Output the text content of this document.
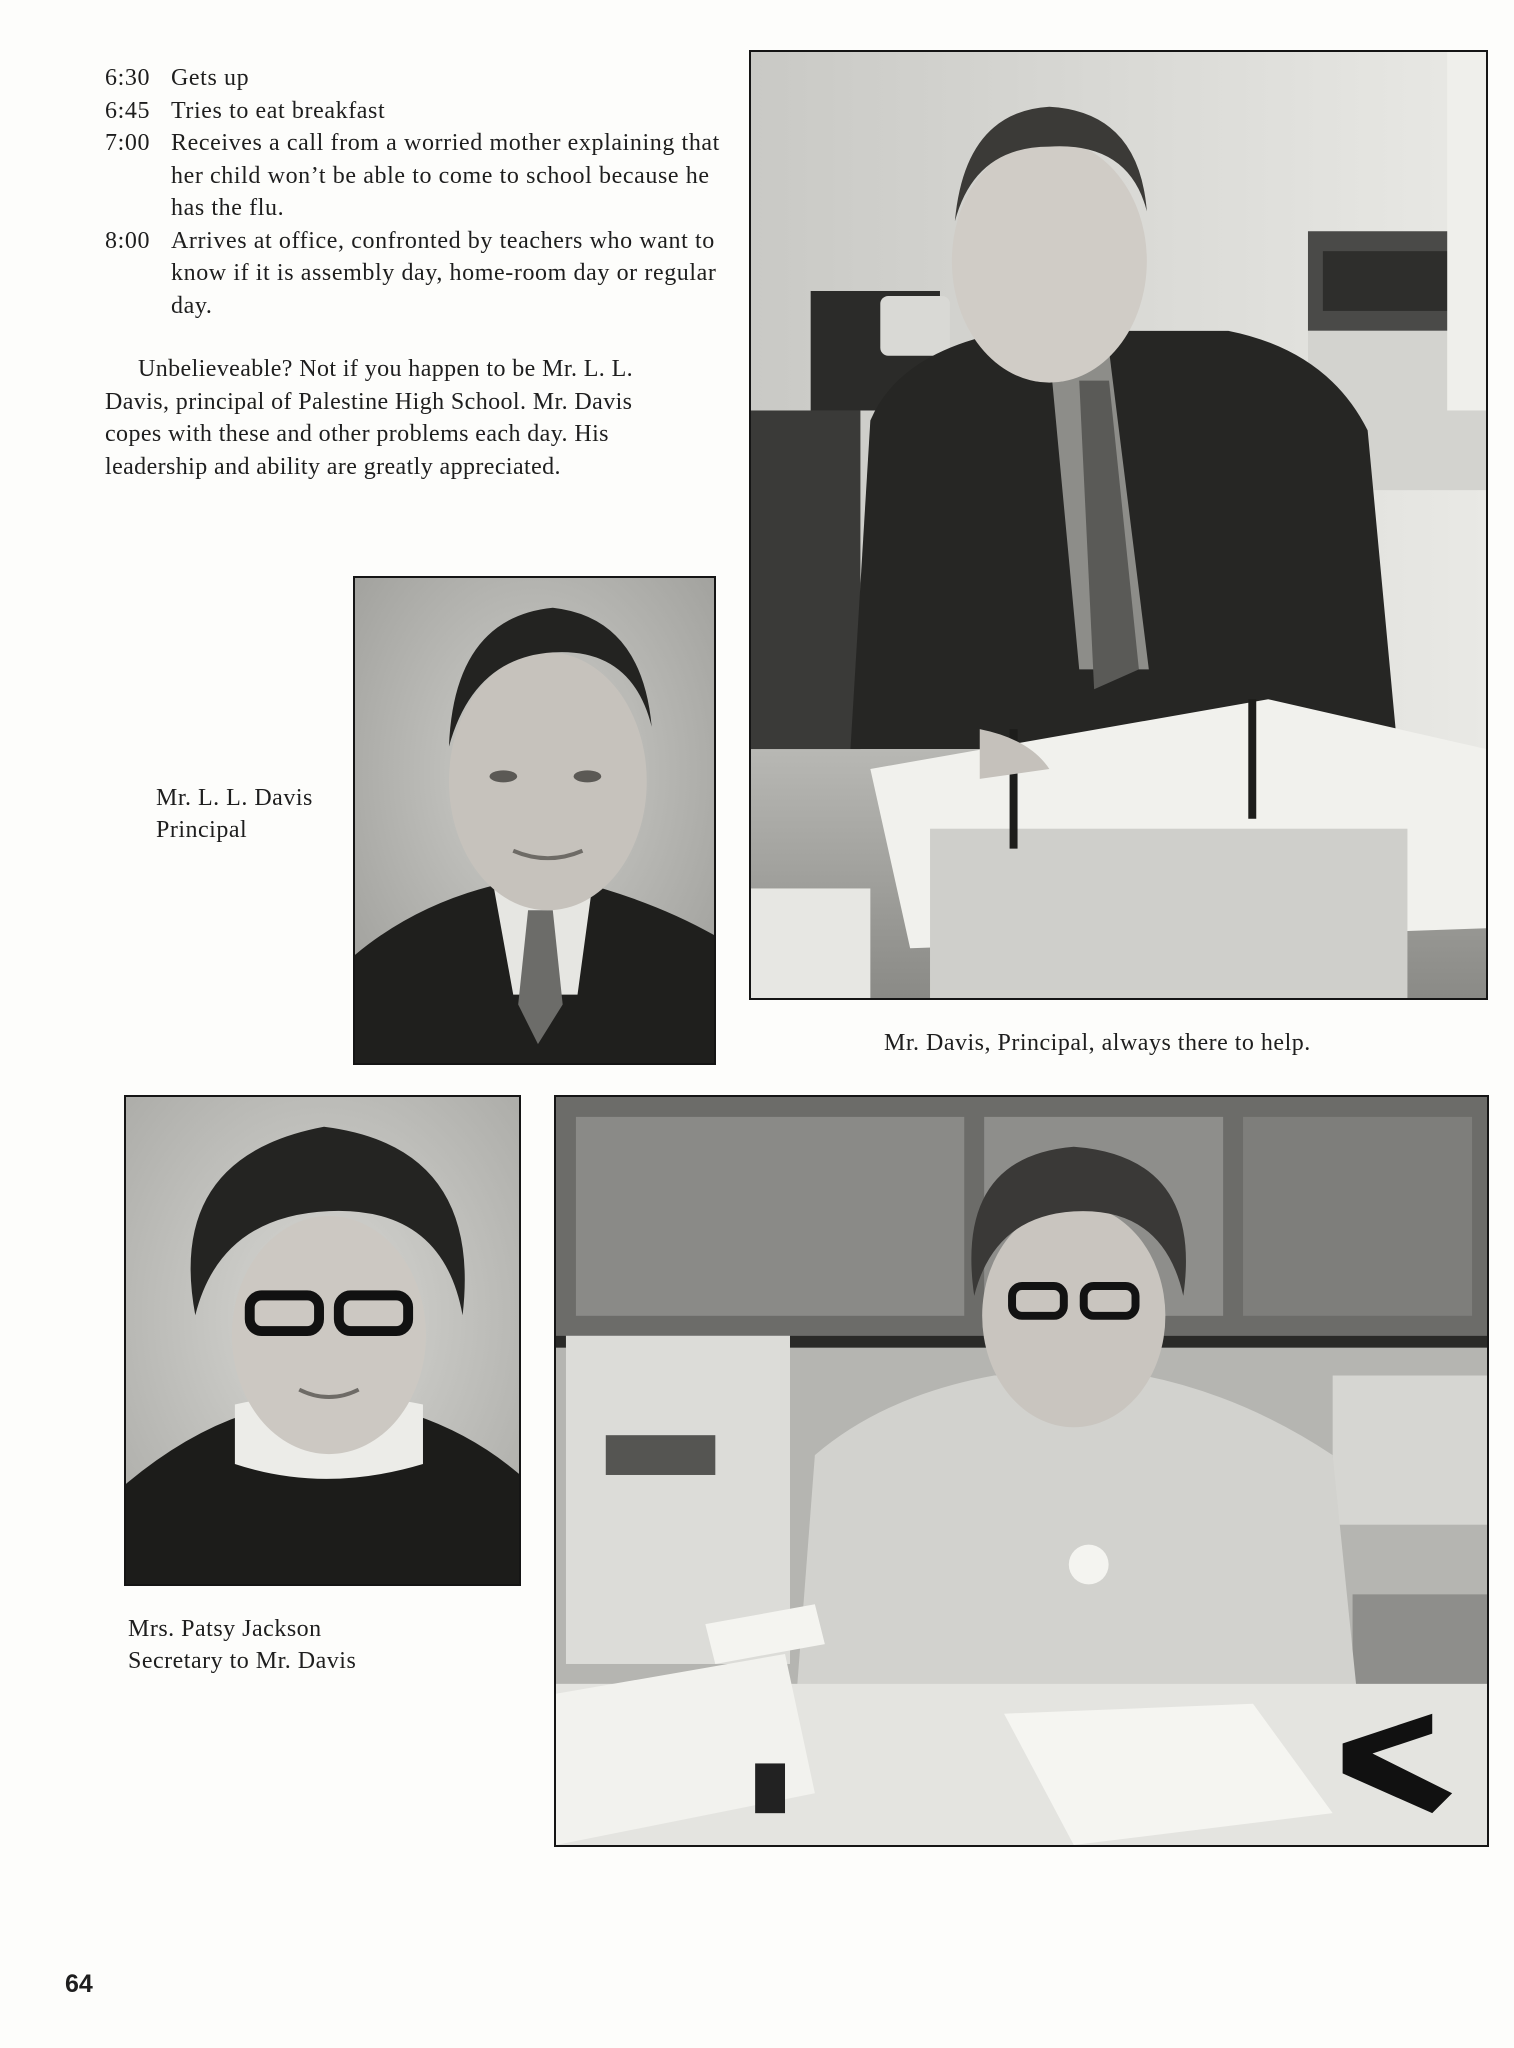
6:30 Gets up
6:45 Tries to eat breakfast
7:00 Receives a call from a worried mother explaining that her child won’t be able to come to school because he has the flu.
8:00 Arrives at office, confronted by teachers who want to know if it is assembly day, home-room day or regular day.

Unbelieveable? Not if you happen to be Mr. L. L. Davis, principal of Palestine High School. Mr. Davis copes with these and other problems each day. His leadership and ability are greatly appreciated.

Mr. L. L. Davis
Principal
Mr. Davis, Principal, always there to help.
Mrs. Patsy Jackson
Secretary to Mr. Davis
64
